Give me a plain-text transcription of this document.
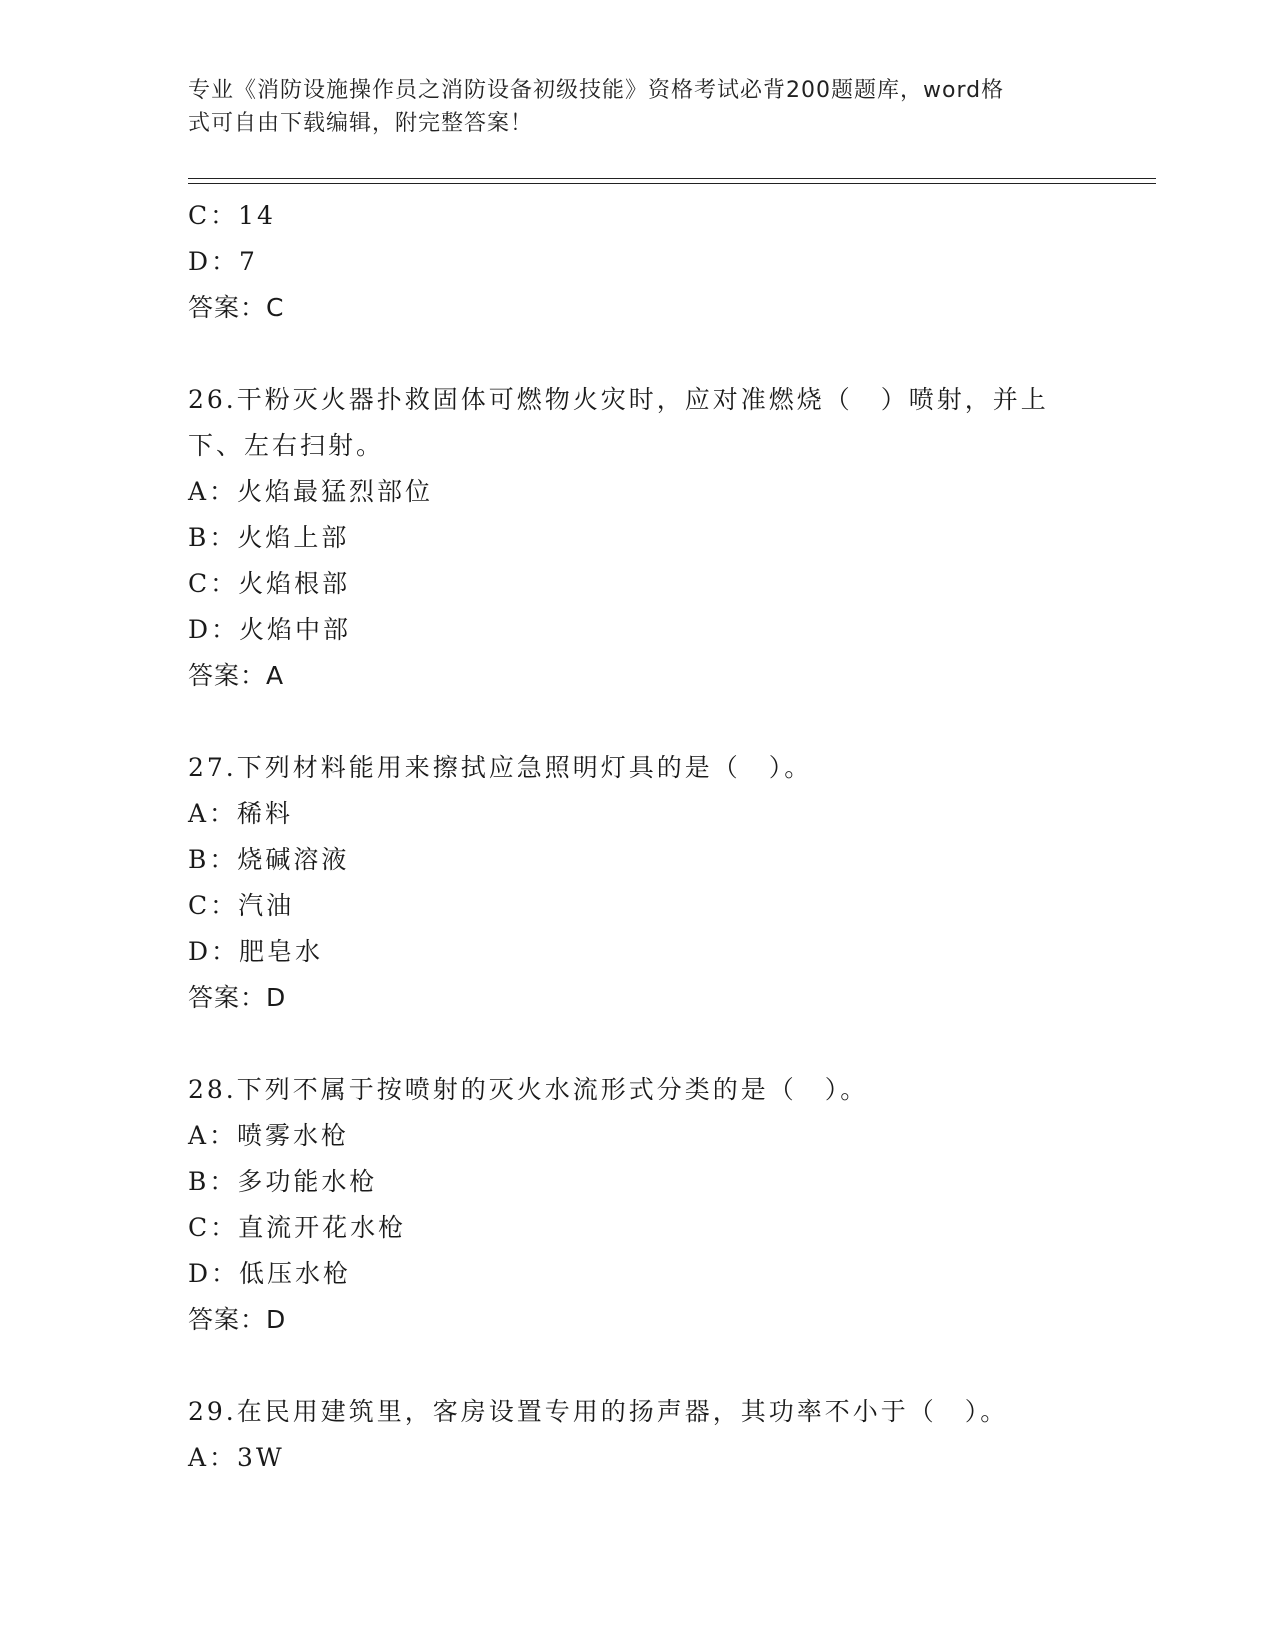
专业《消防设施操作员之消防设备初级技能》资格考试必背200题题库，word格
式可自由下载编辑，附完整答案！
C：14
D：7
答案：C
26.干粉灭火器扑救固体可燃物火灾时，应对准燃烧（　）喷射，并上
下、左右扫射。
A：火焰最猛烈部位
B：火焰上部
C：火焰根部
D：火焰中部
答案：A
27.下列材料能用来擦拭应急照明灯具的是（　）。
A：稀料
B：烧碱溶液
C：汽油
D：肥皂水
答案：D
28.下列不属于按喷射的灭火水流形式分类的是（　）。
A：喷雾水枪
B：多功能水枪
C：直流开花水枪
D：低压水枪
答案：D
29.在民用建筑里，客房设置专用的扬声器，其功率不小于（　）。
A：3W
